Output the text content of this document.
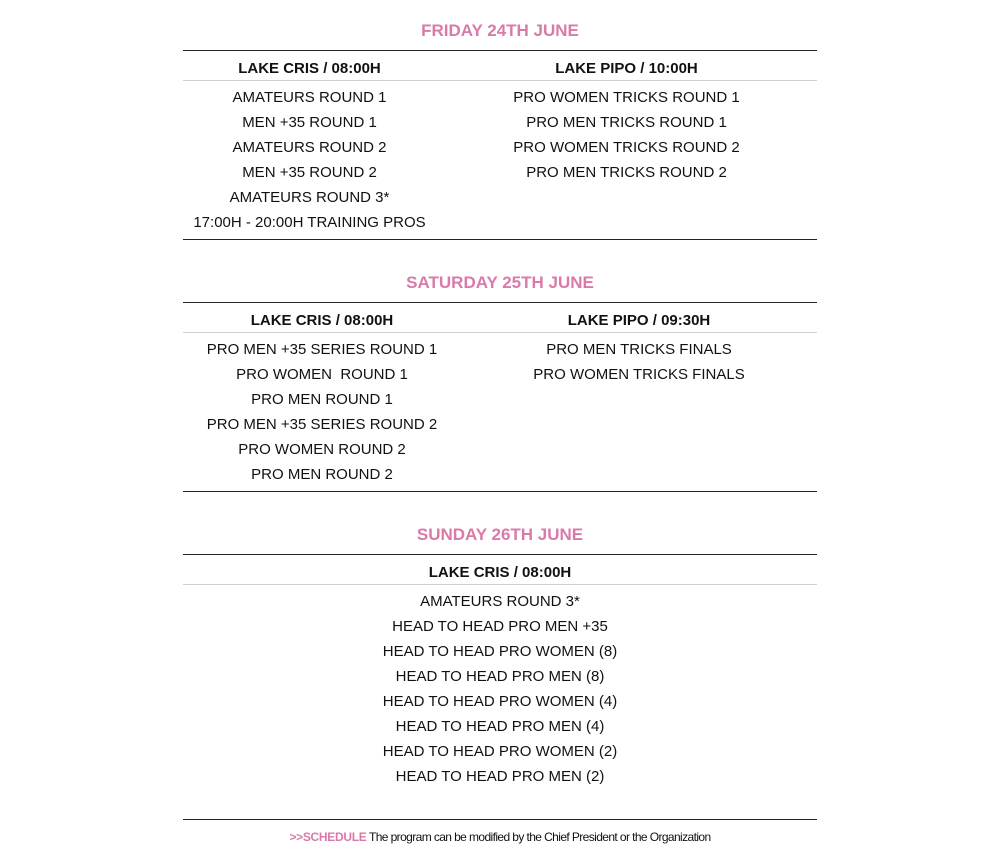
FRIDAY 24TH JUNE
LAKE CRIS / 08:00H
AMATEURS ROUND 1
MEN +35 ROUND 1
AMATEURS ROUND 2
MEN +35 ROUND 2
AMATEURS ROUND 3*
17:00H - 20:00H TRAINING PROS
LAKE PIPO / 10:00H
PRO WOMEN TRICKS ROUND 1
PRO MEN TRICKS ROUND 1
PRO WOMEN TRICKS ROUND 2
PRO MEN TRICKS ROUND 2
SATURDAY 25TH JUNE
LAKE CRIS / 08:00H
PRO MEN +35 SERIES ROUND 1
PRO WOMEN  ROUND 1
PRO MEN ROUND 1
PRO MEN +35 SERIES ROUND 2
PRO WOMEN ROUND 2
PRO MEN ROUND 2
LAKE PIPO / 09:30H
PRO MEN TRICKS FINALS
PRO WOMEN TRICKS FINALS
SUNDAY 26TH JUNE
LAKE CRIS / 08:00H
AMATEURS ROUND 3*
HEAD TO HEAD PRO MEN +35
HEAD TO HEAD PRO WOMEN (8)
HEAD TO HEAD PRO MEN (8)
HEAD TO HEAD PRO WOMEN (4)
HEAD TO HEAD PRO MEN (4)
HEAD TO HEAD PRO WOMEN (2)
HEAD TO HEAD PRO MEN (2)
>>SCHEDULE The program can be modified by the Chief President or the Organization
